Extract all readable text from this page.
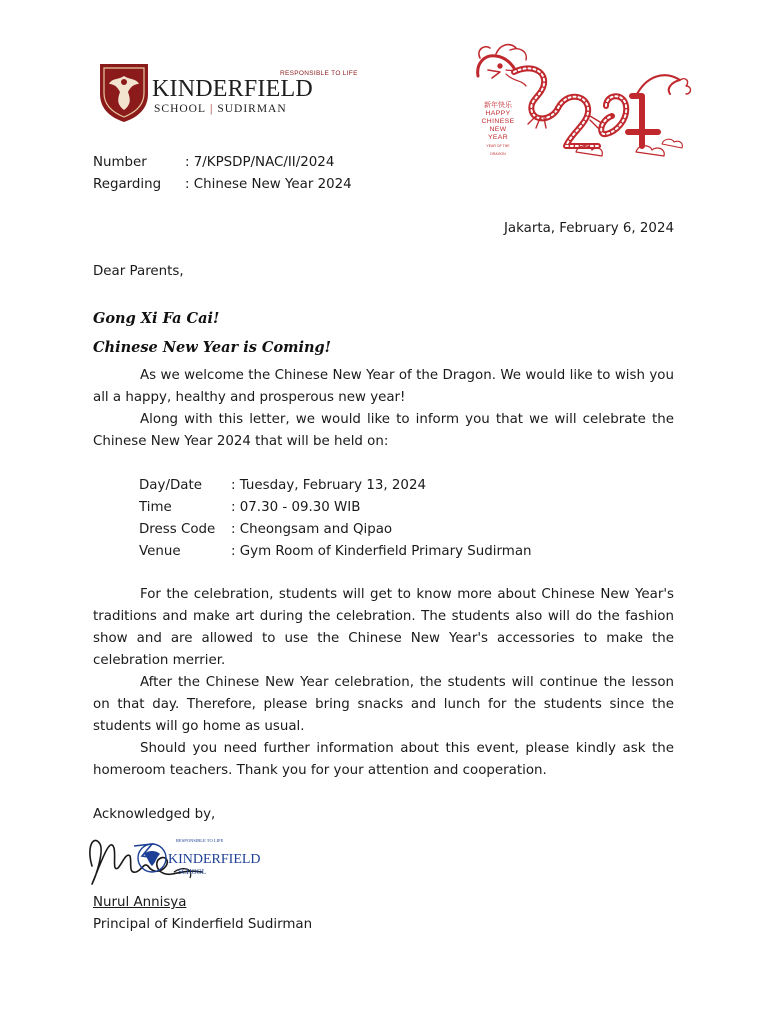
RESPONSIBLE TO LIFE
KINDERFIELD
SCHOOL | SUDIRMAN	新年快乐
HAPPY
CHINESE
NEW YEAR
YEAR OF THE DRAGON
Number	: 7/KPSDP/NAC/II/2024
Regarding : Chinese New Year 2024
Jakarta, February 6, 2024
Dear Parents,
Gong Xi Fa Cai!
Chinese New Year is Coming!
As we welcome the Chinese New Year of the Dragon. We would like to wish you all a happy, healthy and prosperous new year!
Along with this letter, we would like to inform you that we will celebrate the Chinese New Year 2024 that will be held on:
Day/Date : Tuesday, February 13, 2024
Time	: 07.30 - 09.30 WIB
Dress Code : Cheongsam and Qipao
Venue	: Gym Room of Kinderfield Primary Sudirman
For the celebration, students will get to know more about Chinese New Year's traditions and make art during the celebration. The students also will do the fashion show and are allowed to use the Chinese New Year's accessories to make the celebration merrier.
After the Chinese New Year celebration, the students will continue the lesson on that day. Therefore, please bring snacks and lunch for the students since the students will go home as usual.
Should you need further information about this event, please kindly ask the homeroom teachers. Thank you for your attention and cooperation.
Acknowledged by,
RESPONSIBLE TO LIFE
KINDERFIELD
SCHOOL
Nurul Annisya
Principal of Kinderfield Sudirman
